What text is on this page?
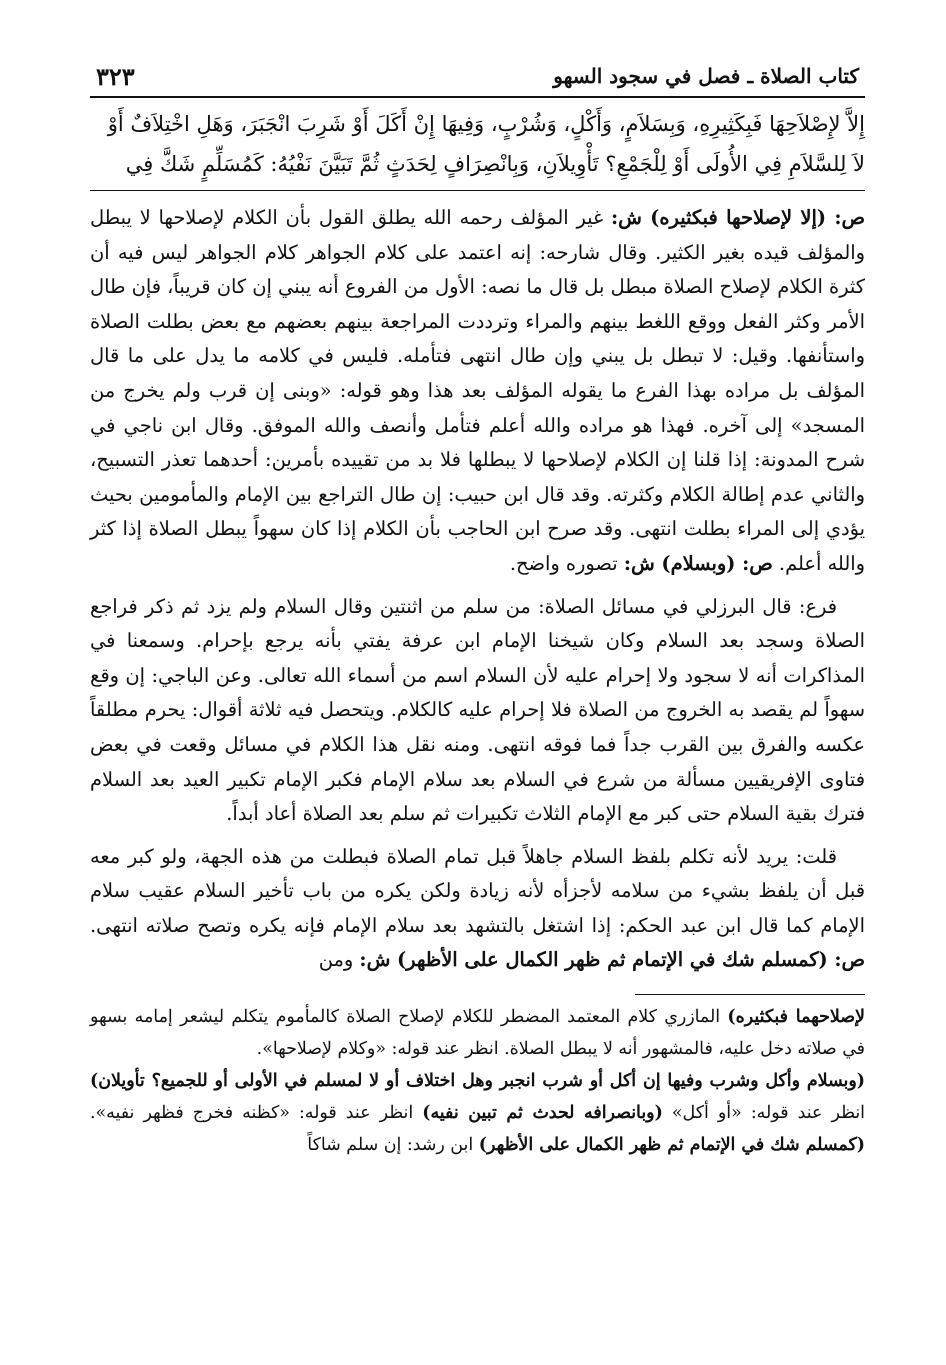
كتاب الصلاة ـ فصل في سجود السهو
٣٢٣

إِلاَّ لإِصْلاَحِهَا فَبِكَثِيرِهِ، وَبِسَلاَمٍ، وَأَكْلٍ، وَشُرْبٍ، وَفِيهَا إِنْ أَكَلَ أَوْ شَرِبَ انْجَبَرَ، وَهَلِ اخْتِلاَفٌ أَوْ

لاَ لِلسَّلاَمِ فِي الأُولَى أَوْ لِلْجَمْعِ؟ تَأْوِيلاَنِ، وَبِانْصِرَافٍ لِحَدَثٍ ثُمَّ تَبَيَّنَ نَفْيُهُ: كَمُسَلِّمٍ شَكَّ فِي

ص: (إلا لإصلاحها فبكثيره) ش: غير المؤلف رحمه الله يطلق القول بأن الكلام لإصلاحها لا يبطل والمؤلف قيده بغير الكثير. وقال شارحه: إنه اعتمد على كلام الجواهر كلام الجواهر ليس فيه أن كثرة الكلام لإصلاح الصلاة مبطل بل قال ما نصه: الأول من الفروع أنه يبني إن كان قريباً، فإن طال الأمر وكثر الفعل ووقع اللغط بينهم والمراء وترددت المراجعة بينهم بعضهم مع بعض بطلت الصلاة واستأنفها. وقيل: لا تبطل بل يبني وإن طال انتهى فتأمله. فليس في كلامه ما يدل على ما قال المؤلف بل مراده بهذا الفرع ما يقوله المؤلف بعد هذا وهو قوله: «وبنى إن قرب ولم يخرج من المسجد» إلى آخره. فهذا هو مراده والله أعلم فتأمل وأنصف والله الموفق. وقال ابن ناجي في شرح المدونة: إذا قلنا إن الكلام لإصلاحها لا يبطلها فلا بد من تقييده بأمرين: أحدهما تعذر التسبيح، والثاني عدم إطالة الكلام وكثرته. وقد قال ابن حبيب: إن طال التراجع بين الإمام والمأمومين بحيث يؤدي إلى المراء بطلت انتهى. وقد صرح ابن الحاجب بأن الكلام إذا كان سهواً يبطل الصلاة إذا كثر والله أعلم. ص: (وبسلام) ش: تصوره واضح.

فرع: قال البرزلي في مسائل الصلاة: من سلم من اثنتين وقال السلام ولم يزد ثم ذكر فراجع الصلاة وسجد بعد السلام وكان شيخنا الإمام ابن عرفة يفتي بأنه يرجع بإحرام. وسمعنا في المذاكرات أنه لا سجود ولا إحرام عليه لأن السلام اسم من أسماء الله تعالى. وعن الباجي: إن وقع سهواً لم يقصد به الخروج من الصلاة فلا إحرام عليه كالكلام. ويتحصل فيه ثلاثة أقوال: يحرم مطلقاً عكسه والفرق بين القرب جداً فما فوقه انتهى. ومنه نقل هذا الكلام في مسائل وقعت في بعض فتاوى الإفريقيين مسألة من شرع في السلام بعد سلام الإمام فكبر الإمام تكبير العيد بعد السلام فترك بقية السلام حتى كبر مع الإمام الثلاث تكبيرات ثم سلم بعد الصلاة أعاد أبداً.

قلت: يريد لأنه تكلم بلفظ السلام جاهلاً قبل تمام الصلاة فبطلت من هذه الجهة، ولو كبر معه قبل أن يلفظ بشيء من سلامه لأجزأه لأنه زيادة ولكن يكره من باب تأخير السلام عقيب سلام الإمام كما قال ابن عبد الحكم: إذا اشتغل بالتشهد بعد سلام الإمام فإنه يكره وتصح صلاته انتهى. ص: (كمسلم شك في الإتمام ثم ظهر الكمال على الأظهر) ش: ومن

لإصلاحهما فبكثيره) المازري كلام المعتمد المضطر للكلام لإصلاح الصلاة كالمأموم يتكلم ليشعر إمامه بسهو في صلاته دخل عليه، فالمشهور أنه لا يبطل الصلاة. انظر عند قوله: «وكلام لإصلاحها».

(وبسلام وأكل وشرب وفيها إن أكل أو شرب انجبر وهل اختلاف أو لا لمسلم في الأولى أو للجميع؟ تأويلان) انظر عند قوله: «أو أكل» (وبانصرافه لحدث ثم تبين نفيه) انظر عند قوله: «كظنه فخرج فظهر نفيه». (كمسلم شك في الإتمام ثم ظهر الكمال على الأظهر) ابن رشد: إن سلم شاكاً
